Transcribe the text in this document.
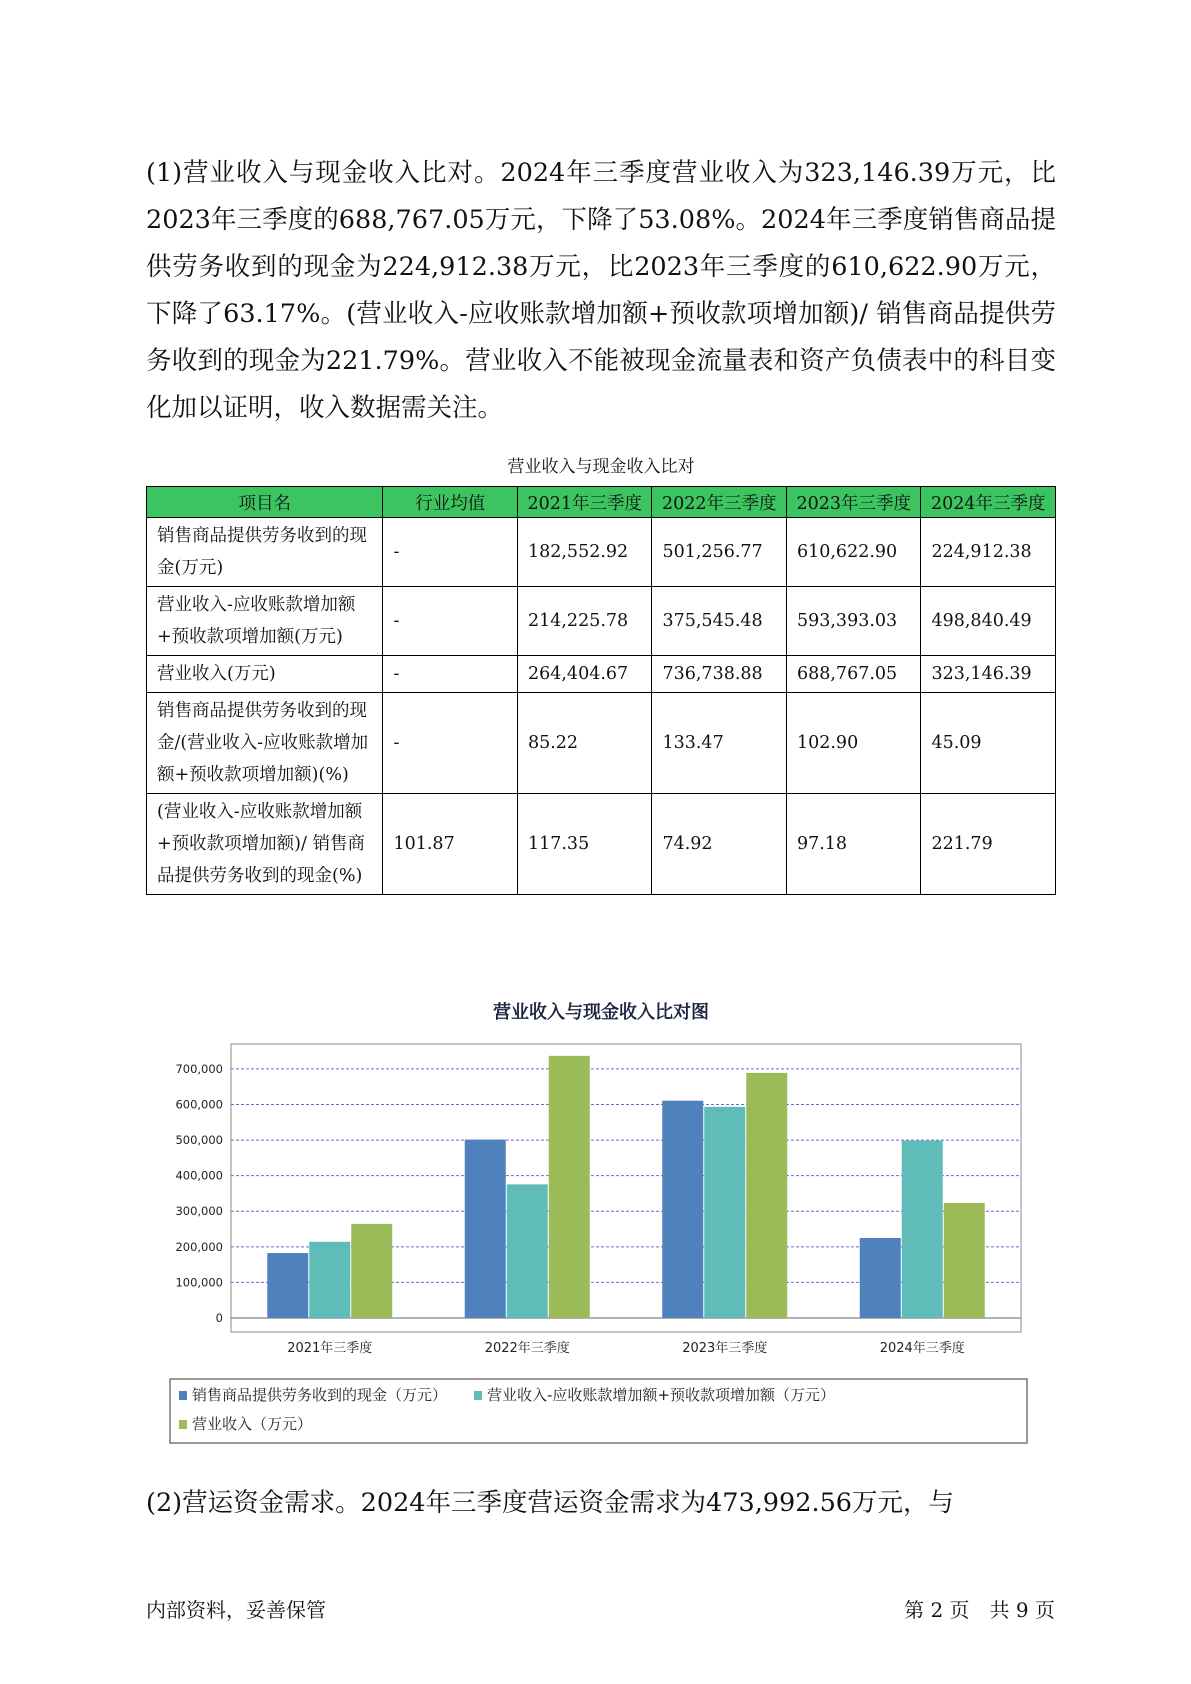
(1)营业收入与现金收入比对。2024年三季度营业收入为323,146.39万元，比2023年三季度的688,767.05万元，下降了53.08%。2024年三季度销售商品提供劳务收到的现金为224,912.38万元，比2023年三季度的610,622.90万元，下降了63.17%。(营业收入-应收账款增加额+预收款项增加额)/ 销售商品提供劳务收到的现金为221.79%。营业收入不能被现金流量表和资产负债表中的科目变化加以证明，收入数据需关注。

营业收入与现金收入比对

项目名	行业均值	2021年三季度	2022年三季度	2023年三季度	2024年三季度
销售商品提供劳务收到的现金(万元)	-	182,552.92	501,256.77	610,622.90	224,912.38
营业收入-应收账款增加额+预收款项增加额(万元)	-	214,225.78	375,545.48	593,393.03	498,840.49
营业收入(万元)	-	264,404.67	736,738.88	688,767.05	323,146.39
销售商品提供劳务收到的现金/(营业收入-应收账款增加额+预收款项增加额)(%)	-	85.22	133.47	102.90	45.09
(营业收入-应收账款增加额+预收款项增加额)/ 销售商品提供劳务收到的现金(%)	101.87	117.35	74.92	97.18	221.79
营业收入与现金收入比对图
0
100,000
200,000
300,000
400,000
500,000
600,000
700,000
2021年三季度	2022年三季度	2023年三季度	2024年三季度
销售商品提供劳务收到的现金（万元）	营业收入-应收账款增加额+预收款项增加额（万元）
营业收入（万元）

(2)营运资金需求。2024年三季度营运资金需求为473,992.56万元，与

内部资料，妥善保管	第 2 页　共 9 页
